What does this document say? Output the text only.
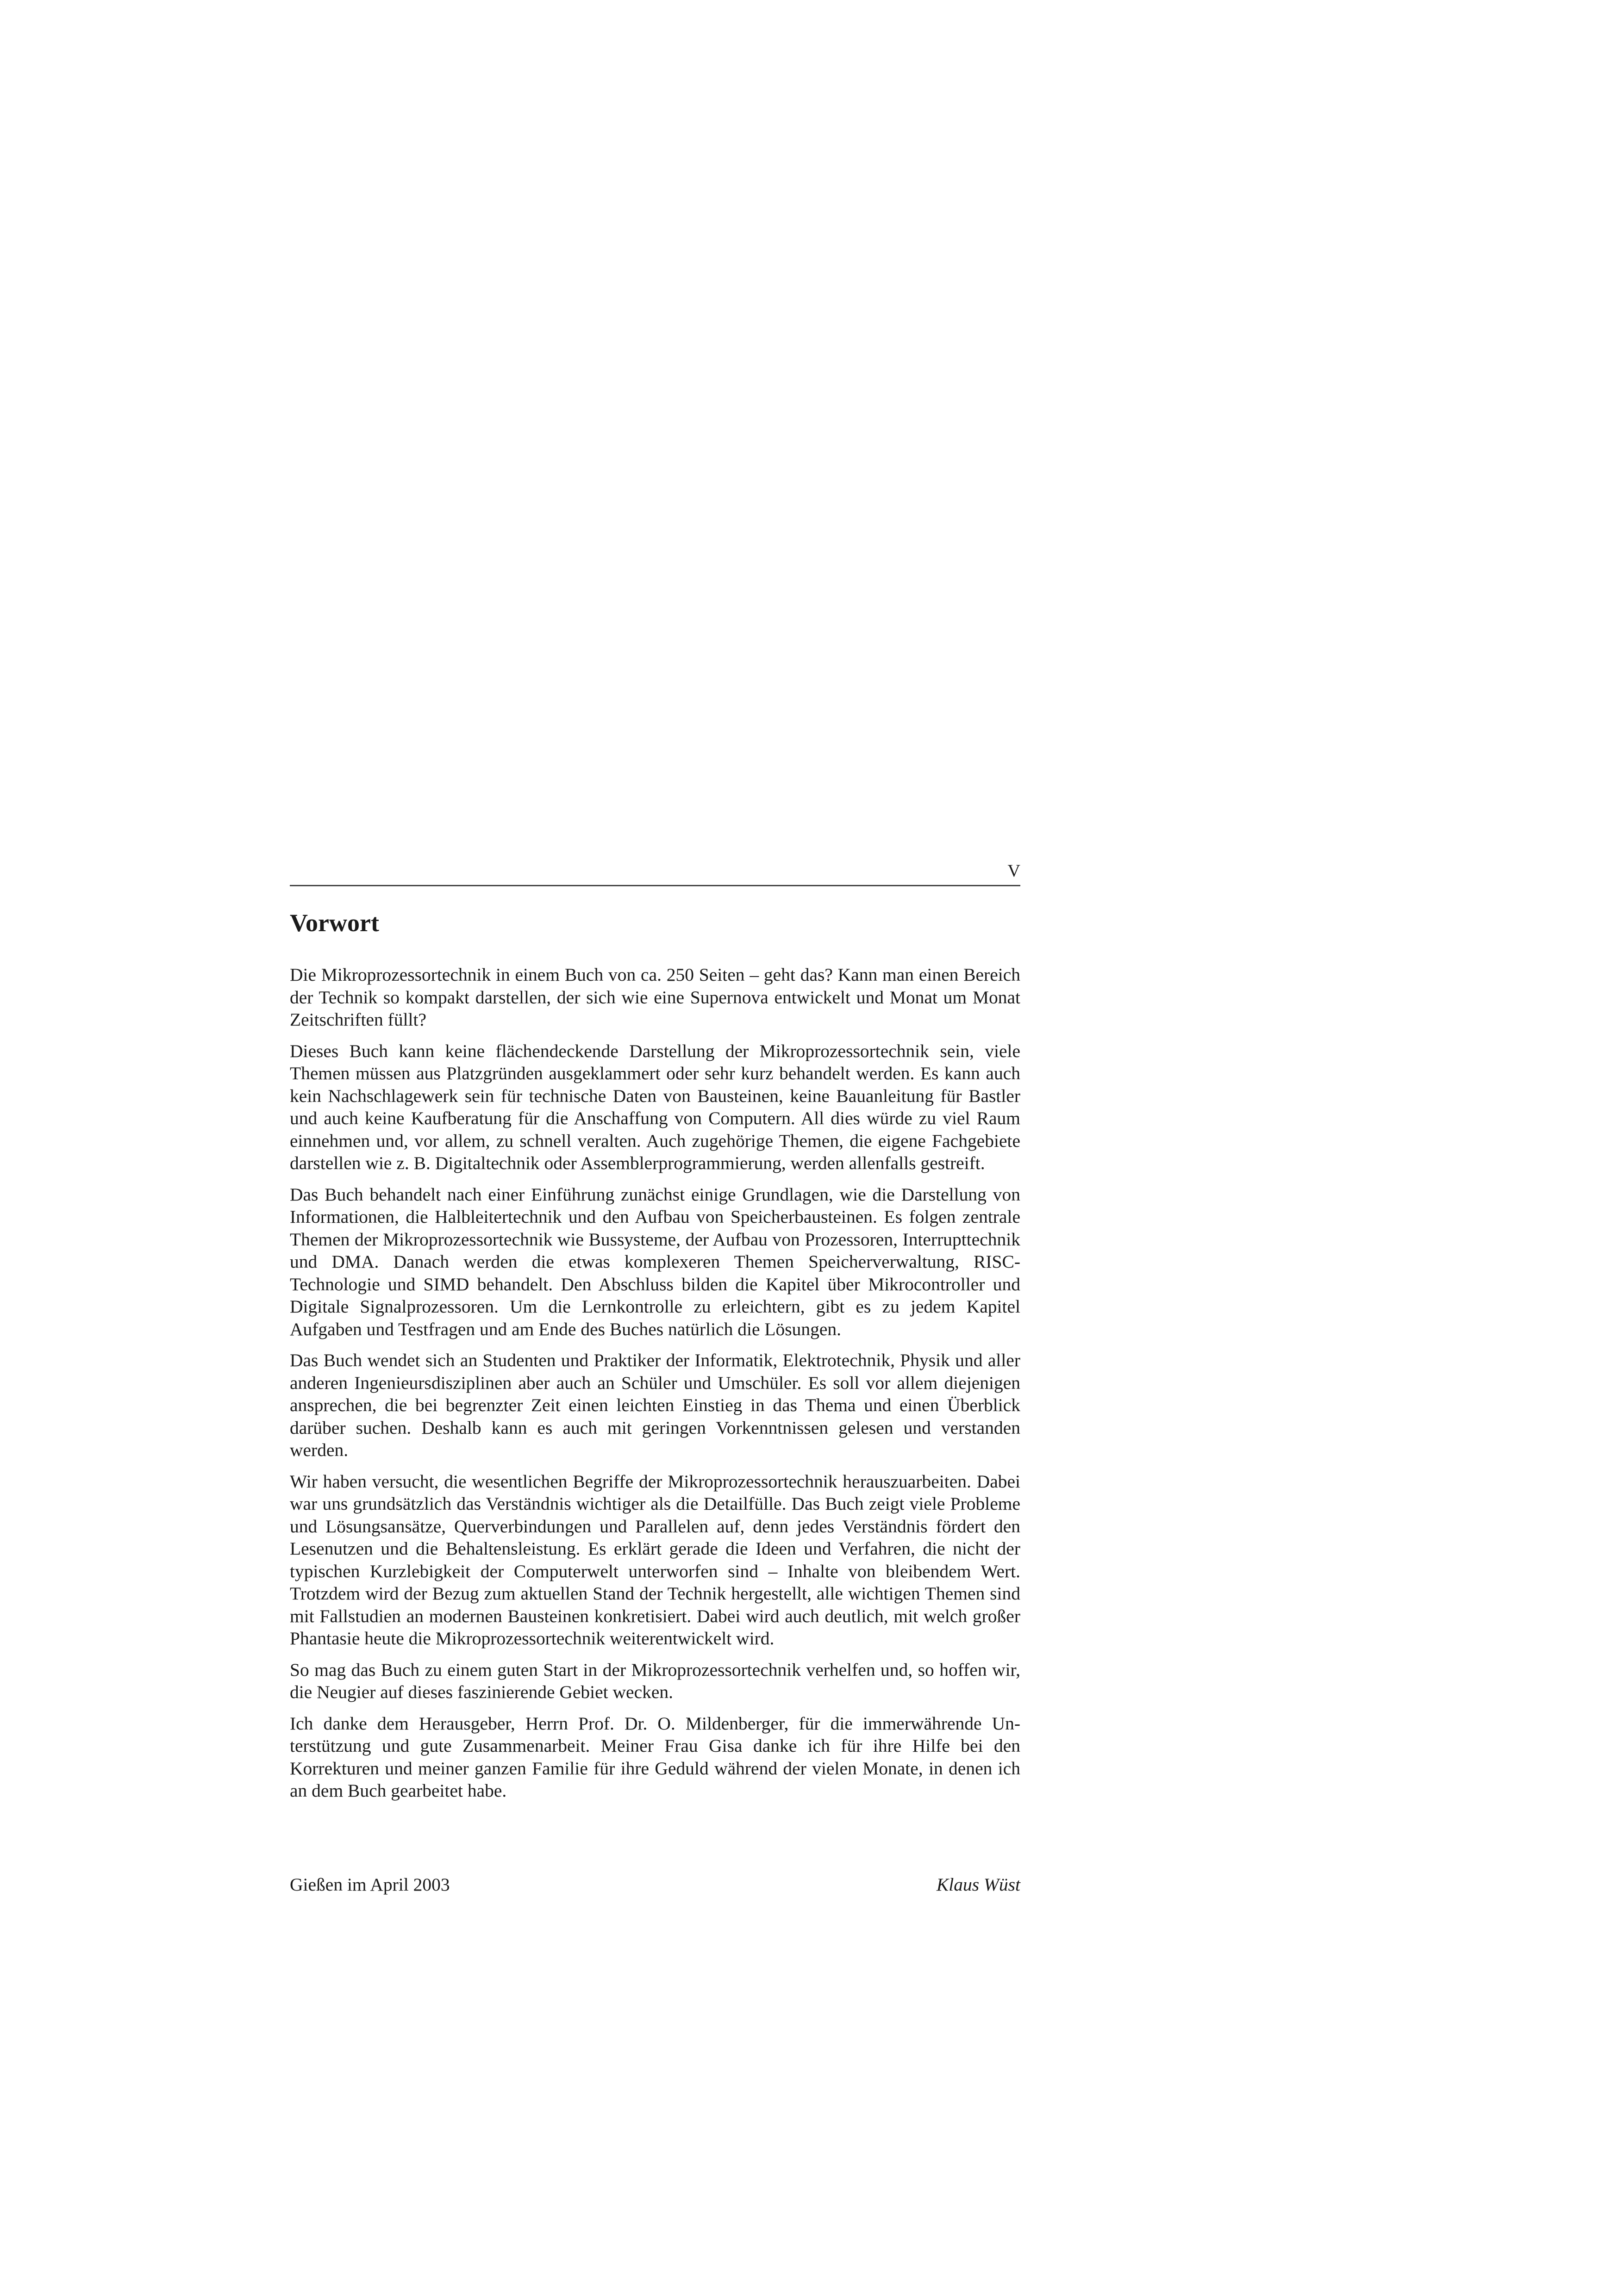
V
Vorwort

Die Mikroprozessortechnik in einem Buch von ca. 250 Seiten – geht das? Kann man einen Bereich der Technik so kompakt darstellen, der sich wie eine Supernova entwickelt und Monat um Monat Zeitschriften füllt?

Dieses Buch kann keine flächendeckende Darstellung der Mikroprozessortechnik sein, viele Themen müssen aus Platzgründen ausgeklammert oder sehr kurz behandelt werden. Es kann auch kein Nachschlagewerk sein für technische Daten von Bausteinen, keine Bauanleitung für Bastler und auch keine Kaufberatung für die Anschaffung von Computern. All dies würde zu viel Raum einnehmen und, vor allem, zu schnell veralten. Auch zugehörige Themen, die eigene Fachgebiete darstellen wie z. B. Digitaltechnik oder Assemblerprogrammierung, werden allenfalls gestreift.

Das Buch behandelt nach einer Einführung zunächst einige Grundlagen, wie die Darstellung von Informationen, die Halbleitertechnik und den Aufbau von Speicherbausteinen. Es folgen zentrale Themen der Mikroprozessortechnik wie Bussysteme, der Aufbau von Prozessoren, Interrupttechnik und DMA. Danach werden die etwas komplexeren Themen Speicherverwaltung, RISC-Technologie und SIMD behandelt. Den Abschluss bilden die Kapitel über Mikrocontroller und Digitale Signalprozessoren. Um die Lernkontrolle zu erleichtern, gibt es zu jedem Kapitel Aufgaben und Testfragen und am Ende des Buches natürlich die Lösungen.

Das Buch wendet sich an Studenten und Praktiker der Informatik, Elektrotechnik, Physik und aller anderen Ingenieursdisziplinen aber auch an Schüler und Umschüler. Es soll vor allem diejenigen ansprechen, die bei begrenzter Zeit einen leichten Einstieg in das Thema und einen Überblick darüber suchen. Deshalb kann es auch mit geringen Vorkenntnissen gelesen und verstanden werden.

Wir haben versucht, die wesentlichen Begriffe der Mikroprozessortechnik herauszuarbeiten. Dabei war uns grundsätzlich das Verständnis wichtiger als die Detailfülle. Das Buch zeigt viele Probleme und Lösungsansätze, Querverbindungen und Parallelen auf, denn jedes Verständnis fördert den Lesenutzen und die Behaltensleistung. Es erklärt gerade die Ideen und Verfahren, die nicht der typischen Kurzlebigkeit der Computerwelt unterworfen sind – Inhalte von bleibendem Wert. Trotzdem wird der Bezug zum aktuellen Stand der Technik hergestellt, alle wichtigen Themen sind mit Fallstudien an modernen Bausteinen konkretisiert. Dabei wird auch deutlich, mit welch großer Phantasie heute die Mikroprozessortechnik weiterentwickelt wird.

So mag das Buch zu einem guten Start in der Mikroprozessortechnik verhelfen und, so hoffen wir, die Neugier auf dieses faszinierende Gebiet wecken.

Ich danke dem Herausgeber, Herrn Prof. Dr. O. Mildenberger, für die immerwährende Unterstützung und gute Zusammenarbeit. Meiner Frau Gisa danke ich für ihre Hilfe bei den Korrekturen und meiner ganzen Familie für ihre Geduld während der vielen Monate, in denen ich an dem Buch gearbeitet habe.

Gießen im April 2003	Klaus Wüst
